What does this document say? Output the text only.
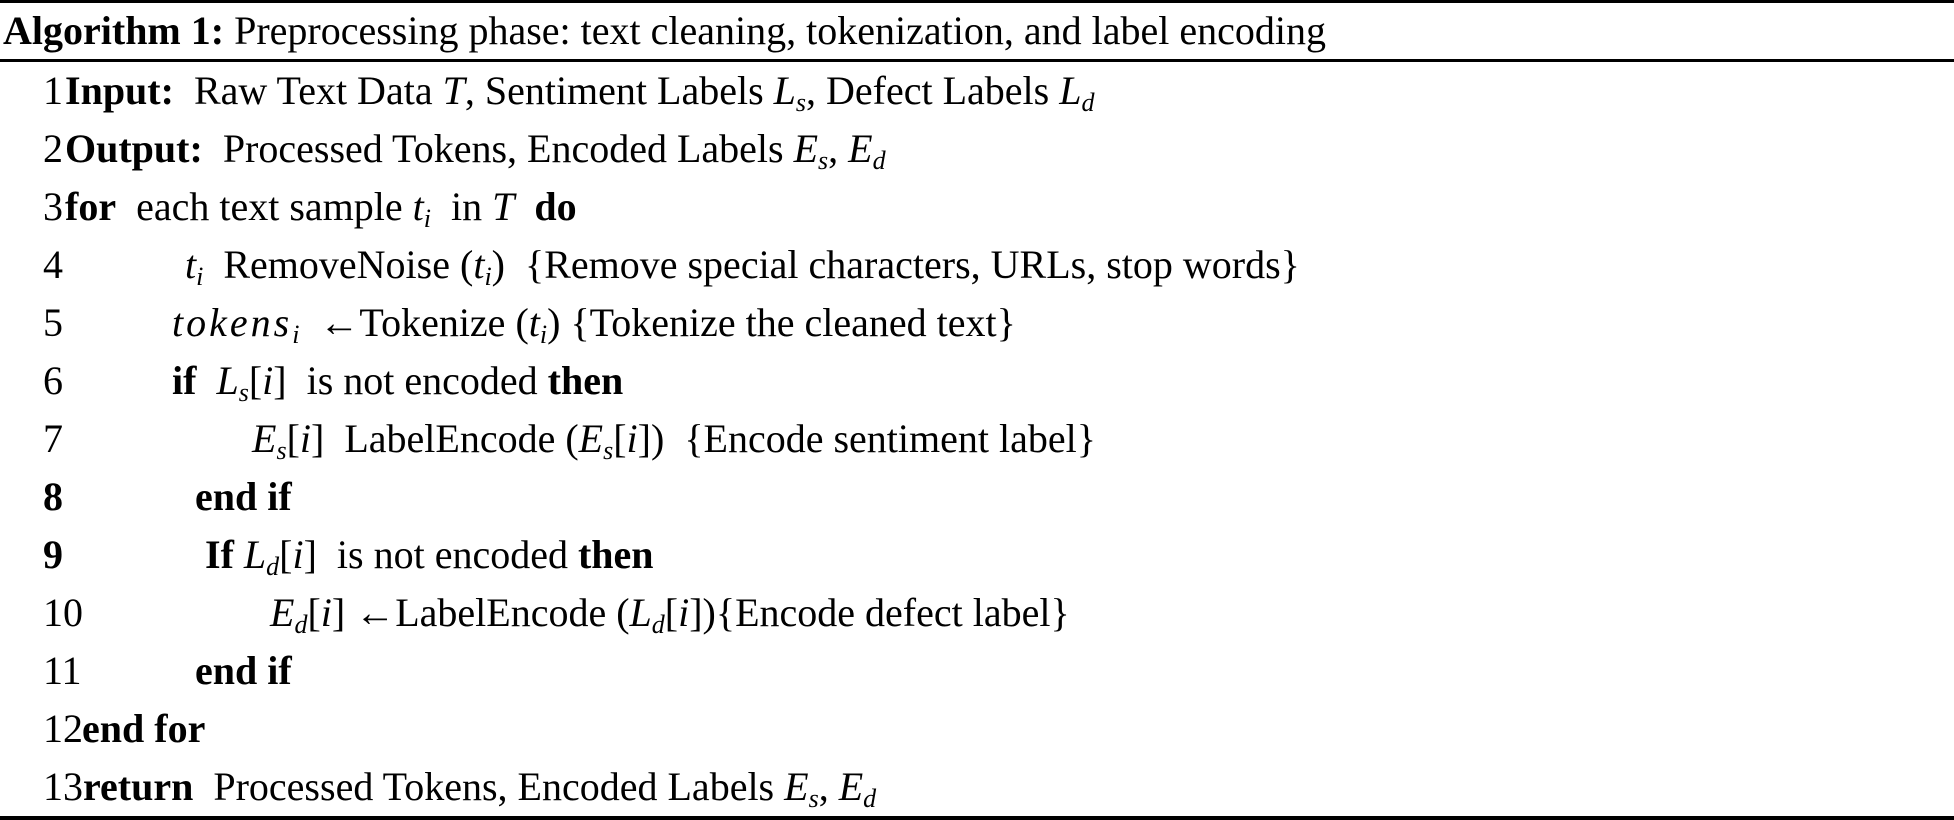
Algorithm 1: Preprocessing phase: text cleaning, tokenization, and label encoding
1 Input:  Raw Text Data T, Sentiment Labels Ls, Defect Labels Ld
2 Output:  Processed Tokens, Encoded Labels Es, Ed
3 for  each text sample ti  in T do
4	ti  RemoveNoise (ti)  {Remove special characters, URLs, stop words}
5	tokensi  ←Tokenize (ti) {Tokenize the cleaned text}
6	if Ls[i]  is not encoded then
7	Es[i]  LabelEncode (Es[i])  {Encode sentiment label}
8	end if
9	If Ld[i]  is not encoded then
10	Ed[i] ←LabelEncode (Ld[i]){Encode defect label}
11	end if
12 end for
13 return  Processed Tokens, Encoded Labels Es, Ed
